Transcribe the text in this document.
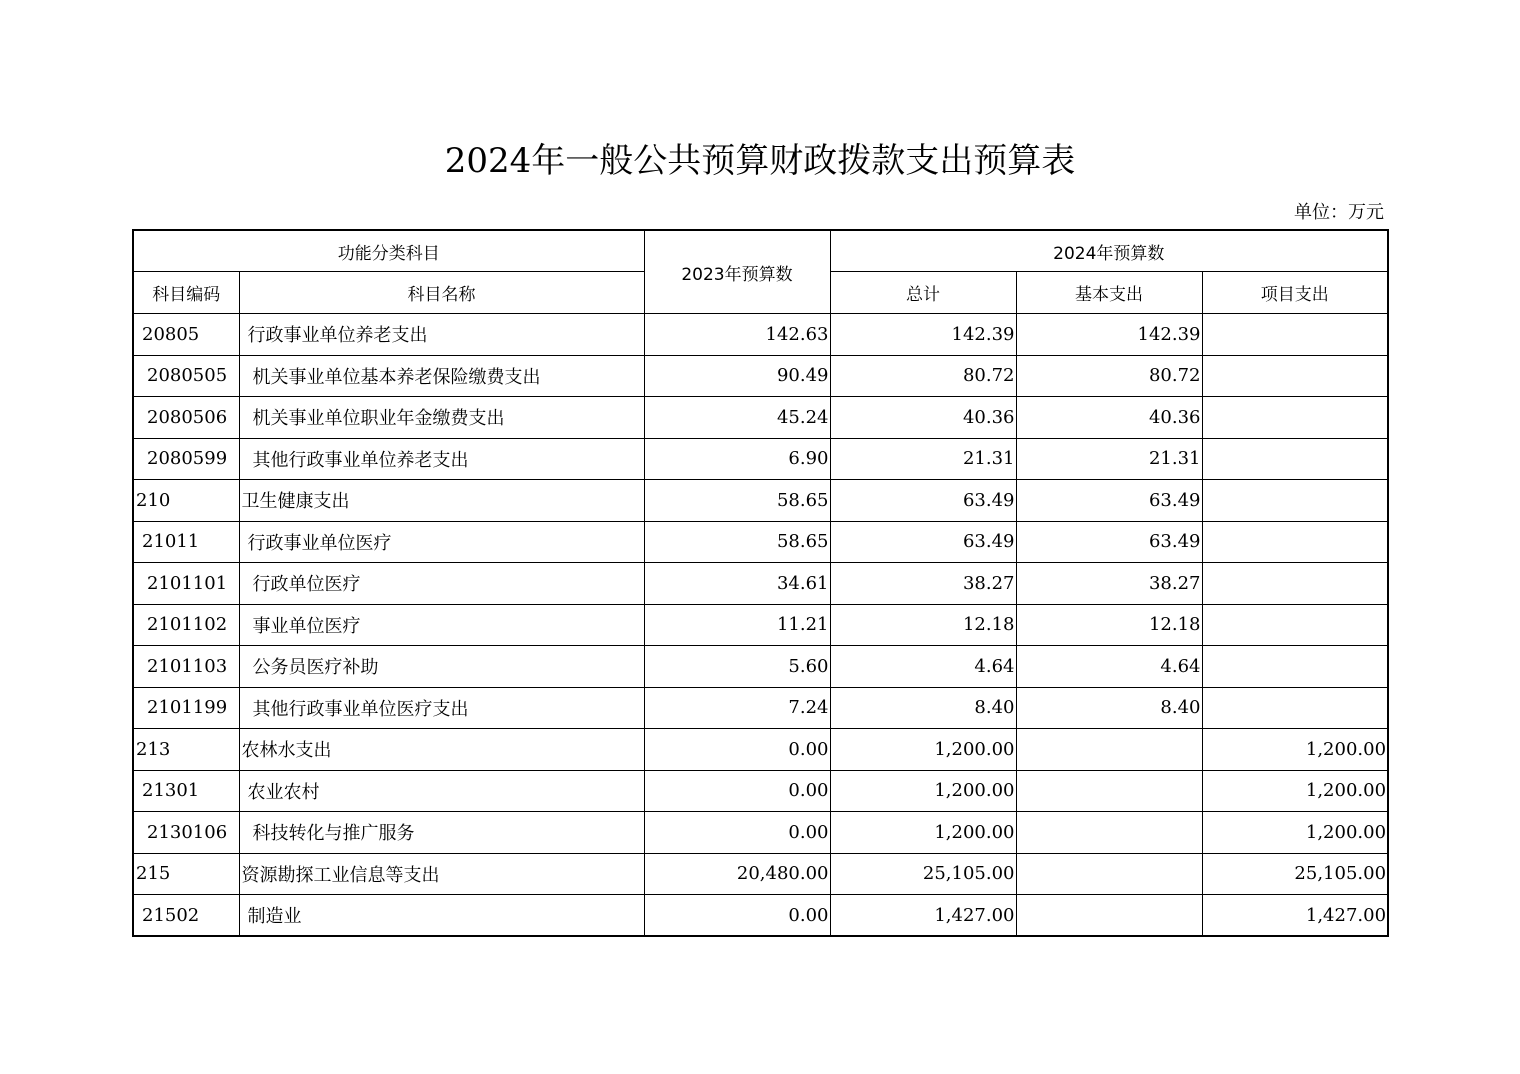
2024年一般公共预算财政拨款支出预算表
单位：万元
功能分类科目		2023年预算数	2024年预算数		
科目编码	科目名称		总计	基本支出	项目支出
20805	行政事业单位养老支出	142.63	142.39	142.39	
2080505	机关事业单位基本养老保险缴费支出	90.49	80.72	80.72	
2080506	机关事业单位职业年金缴费支出	45.24	40.36	40.36	
2080599	其他行政事业单位养老支出	6.90	21.31	21.31	
210	卫生健康支出	58.65	63.49	63.49	
21011	行政事业单位医疗	58.65	63.49	63.49	
2101101	行政单位医疗	34.61	38.27	38.27	
2101102	事业单位医疗	11.21	12.18	12.18	
2101103	公务员医疗补助	5.60	4.64	4.64	
2101199	其他行政事业单位医疗支出	7.24	8.40	8.40	
213	农林水支出	0.00	1,200.00		1,200.00
21301	农业农村	0.00	1,200.00		1,200.00
2130106	科技转化与推广服务	0.00	1,200.00		1,200.00
215	资源勘探工业信息等支出	20,480.00	25,105.00		25,105.00
21502	制造业	0.00	1,427.00		1,427.00
